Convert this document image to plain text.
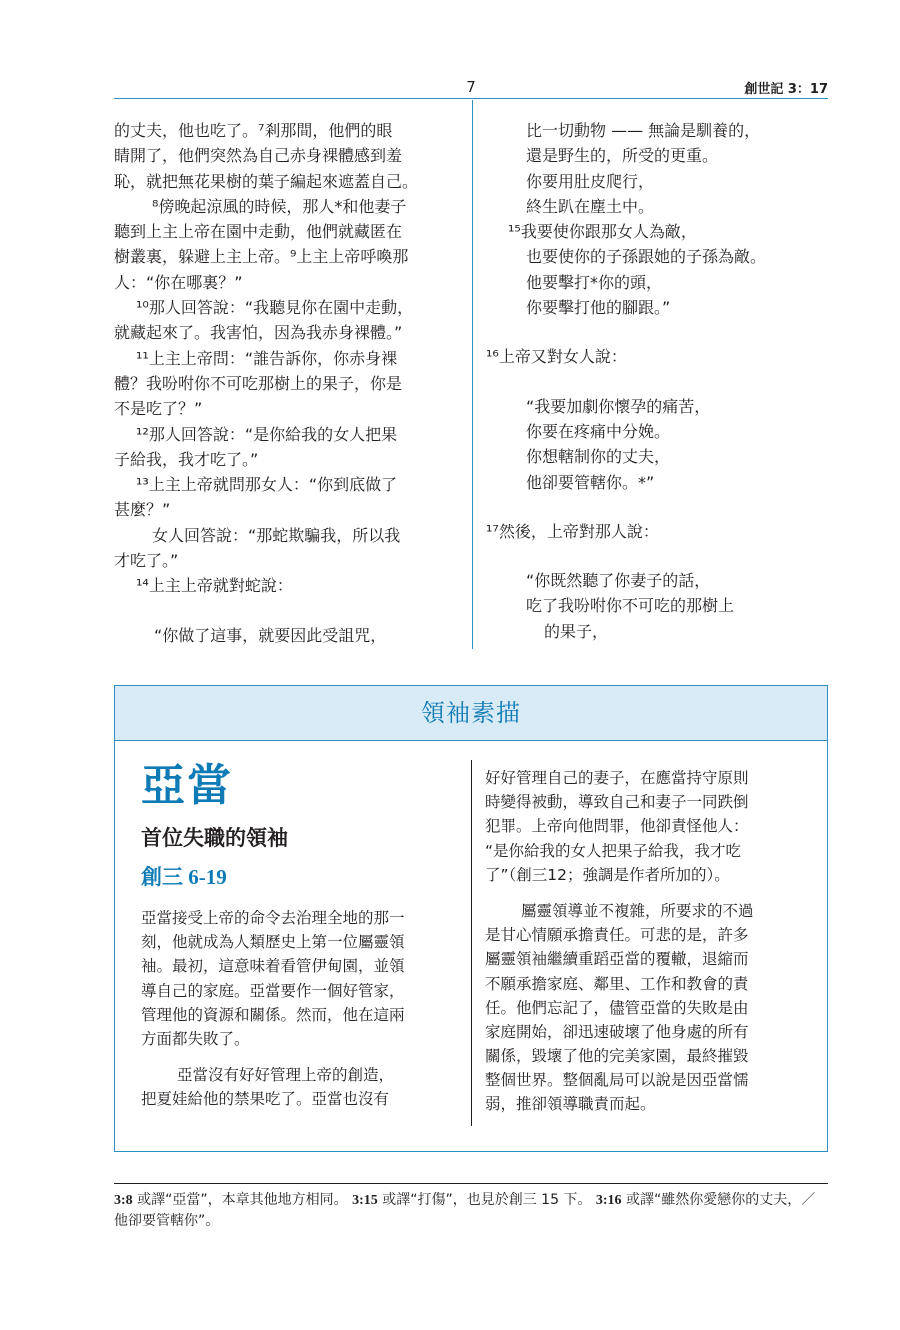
7	創世記 3：17
的丈夫，他也吃了。⁷剎那間，他們的眼
睛開了，他們突然為自己赤身裸體感到羞
恥，就把無花果樹的葉子編起來遮蓋自己。
⁸傍晚起涼風的時候，那人*和他妻子
聽到上主上帝在園中走動，他們就藏匿在
樹叢裏，躲避上主上帝。⁹上主上帝呼喚那
人：“你在哪裏？”
¹⁰那人回答說：“我聽見你在園中走動，
就藏起來了。我害怕，因為我赤身裸體。”
¹¹上主上帝問：“誰告訴你，你赤身裸
體？我吩咐你不可吃那樹上的果子，你是
不是吃了？”
¹²那人回答說：“是你給我的女人把果
子給我，我才吃了。”
¹³上主上帝就問那女人：“你到底做了
甚麼？”
女人回答說：“那蛇欺騙我，所以我
才吃了。”
¹⁴上主上帝就對蛇說：
“你做了這事，就要因此受詛咒，
比一切動物 —— 無論是馴養的，
還是野生的，所受的更重。
你要用肚皮爬行，
終生趴在塵土中。
¹⁵我要使你跟那女人為敵，
也要使你的子孫跟她的子孫為敵。
他要擊打*你的頭，
你要擊打他的腳跟。”
¹⁶上帝又對女人說：
“我要加劇你懷孕的痛苦，
你要在疼痛中分娩。
你想轄制你的丈夫，
他卻要管轄你。*”
¹⁷然後，上帝對那人說：
“你既然聽了你妻子的話，
吃了我吩咐你不可吃的那樹上
的果子，
領袖素描
亞當
首位失職的領袖
創三 6-19
亞當接受上帝的命令去治理全地的那一
刻，他就成為人類歷史上第一位屬靈領
袖。最初，這意味着看管伊甸園，並領
導自己的家庭。亞當要作一個好管家，
管理他的資源和關係。然而，他在這兩
方面都失敗了。
亞當沒有好好管理上帝的創造，
把夏娃給他的禁果吃了。亞當也沒有
好好管理自己的妻子，在應當持守原則
時變得被動，導致自己和妻子一同跌倒
犯罪。上帝向他問罪，他卻責怪他人：
“是你給我的女人把果子給我，我才吃
了”（創三12；強調是作者所加的）。
屬靈領導並不複雜，所要求的不過
是甘心情願承擔責任。可悲的是，許多
屬靈領袖繼續重蹈亞當的覆轍，退縮而
不願承擔家庭、鄰里、工作和教會的責
任。他們忘記了，儘管亞當的失敗是由
家庭開始，卻迅速破壞了他身處的所有
關係，毀壞了他的完美家園，最終摧毀
整個世界。整個亂局可以說是因亞當懦
弱，推卻領導職責而起。
3:8 或譯“亞當”，本章其他地方相同。 3:15 或譯“打傷”，也見於創三 15 下。 3:16 或譯“雖然你愛戀你的丈夫，／ 他卻要管轄你”。
